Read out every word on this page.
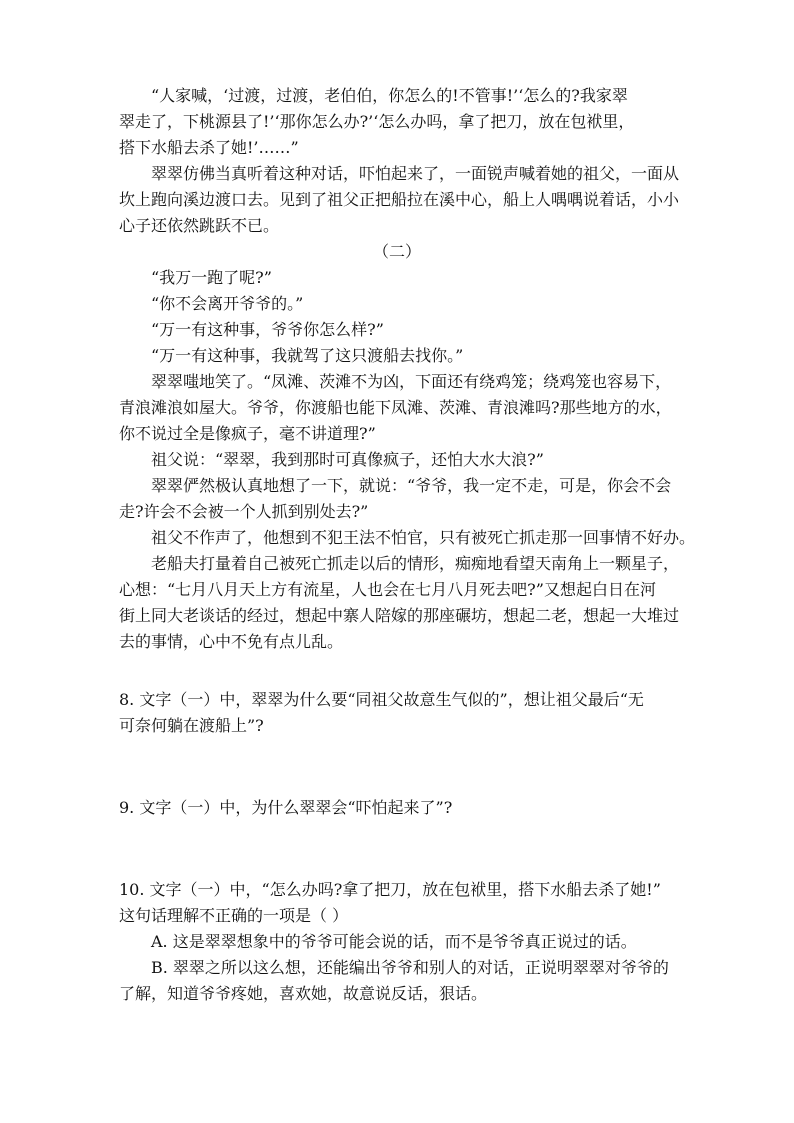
“人家喊，‘过渡，过渡，老伯伯，你怎么的!不管事!’‘怎么的?我家翠
翠走了，下桃源县了!’‘那你怎么办?’‘怎么办吗，拿了把刀，放在包袱里，
搭下水船去杀了她!’……”
翠翠仿佛当真听着这种对话，吓怕起来了，一面锐声喊着她的祖父，一面从
坎上跑向溪边渡口去。见到了祖父正把船拉在溪中心，船上人喁喁说着话，小小
心子还依然跳跃不已。
（二）
“我万一跑了呢?”
“你不会离开爷爷的。”
“万一有这种事，爷爷你怎么样?”
“万一有这种事，我就驾了这只渡船去找你。”
翠翠嗤地笑了。“凤滩、茨滩不为凶，下面还有绕鸡笼；绕鸡笼也容易下，
青浪滩浪如屋大。爷爷，你渡船也能下凤滩、茨滩、青浪滩吗?那些地方的水，
你不说过全是像疯子，毫不讲道理?”
祖父说：“翠翠，我到那时可真像疯子，还怕大水大浪?”
翠翠俨然极认真地想了一下，就说：“爷爷，我一定不走，可是，你会不会
走?许会不会被一个人抓到别处去?”
祖父不作声了，他想到不犯王法不怕官，只有被死亡抓走那一回事情不好办。
老船夫打量着自己被死亡抓走以后的情形，痴痴地看望天南角上一颗星子，
心想：“七月八月天上方有流星，人也会在七月八月死去吧?”又想起白日在河
街上同大老谈话的经过，想起中寨人陪嫁的那座碾坊，想起二老，想起一大堆过
去的事情，心中不免有点儿乱。
8. 文字（一）中，翠翠为什么要“同祖父故意生气似的”，想让祖父最后“无
可奈何躺在渡船上”?
9. 文字（一）中，为什么翠翠会“吓怕起来了”?
10. 文字（一）中，“怎么办吗?拿了把刀，放在包袱里，搭下水船去杀了她!”
这句话理解不正确的一项是（ ）
A. 这是翠翠想象中的爷爷可能会说的话，而不是爷爷真正说过的话。
B. 翠翠之所以这么想，还能编出爷爷和别人的对话，正说明翠翠对爷爷的
了解，知道爷爷疼她，喜欢她，故意说反话，狠话。
